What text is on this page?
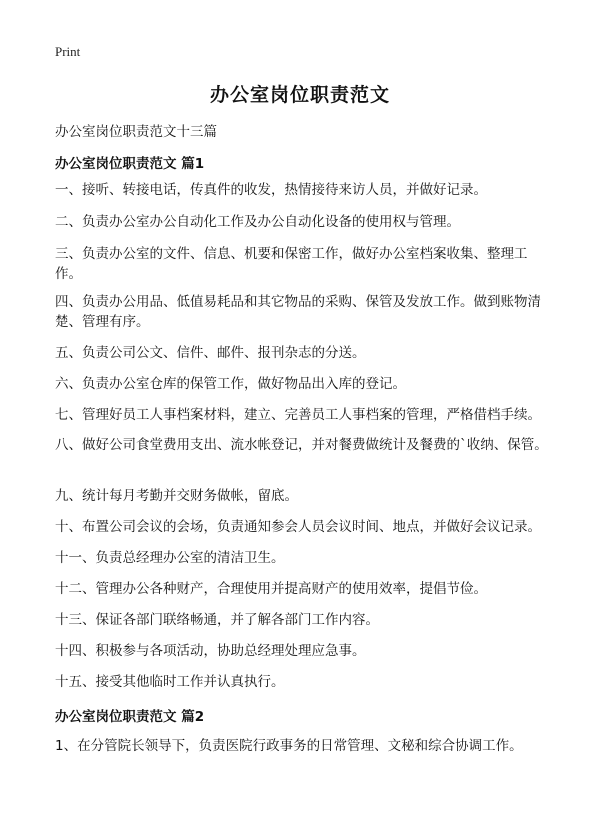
Print
办公室岗位职责范文
办公室岗位职责范文十三篇
办公室岗位职责范文 篇1
一、接听、转接电话，传真件的收发，热情接待来访人员，并做好记录。
二、负责办公室办公自动化工作及办公自动化设备的使用权与管理。
三、负责办公室的文件、信息、机要和保密工作，做好办公室档案收集、整理工作。
四、负责办公用品、低值易耗品和其它物品的采购、保管及发放工作。做到账物清楚、管理有序。
五、负责公司公文、信件、邮件、报刊杂志的分送。
六、负责办公室仓库的保管工作，做好物品出入库的登记。
七、管理好员工人事档案材料，建立、完善员工人事档案的管理，严格借档手续。
八、做好公司食堂费用支出、流水帐登记，并对餐费做统计及餐费的`收纳、保管。
九、统计每月考勤并交财务做帐，留底。
十、布置公司会议的会场，负责通知参会人员会议时间、地点，并做好会议记录。
十一、负责总经理办公室的清洁卫生。
十二、管理办公各种财产，合理使用并提高财产的使用效率，提倡节俭。
十三、保证各部门联络畅通，并了解各部门工作内容。
十四、积极参与各项活动，协助总经理处理应急事。
十五、接受其他临时工作并认真执行。
办公室岗位职责范文 篇2
1、在分管院长领导下，负责医院行政事务的日常管理、文秘和综合协调工作。
